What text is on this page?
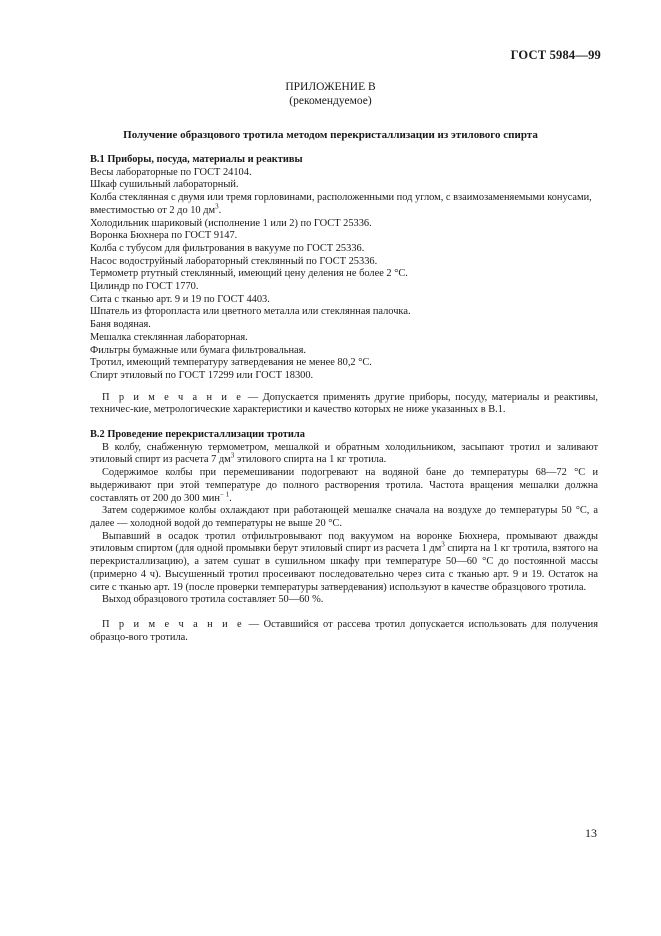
ГОСТ 5984—99
ПРИЛОЖЕНИЕ В
(рекомендуемое)
Получение образцового тротила методом перекристаллизации из этилового спирта

В.1 Приборы, посуда, материалы и реактивы

Весы лабораторные по ГОСТ 24104.

Шкаф сушильный лабораторный.

Колба стеклянная с двумя или тремя горловинами, расположенными под углом, с взаимозаменяемыми конусами, вместимостью от 2 до 10 $дм^3$.

Холодильник шариковый (исполнение 1 или 2) по ГОСТ 25336.

Воронка Бюхнера по ГОСТ 9147.

Колба с тубусом для фильтрования в вакууме по ГОСТ 25336.

Насос водоструйный лабораторный стеклянный по ГОСТ 25336.

Термометр ртутный стеклянный, имеющий цену деления не более 2 °С.

Цилиндр по ГОСТ 1770.

Сита с тканью арт. 9 и 19 по ГОСТ 4403.

Шпатель из фторопласта или цветного металла или стеклянная палочка.

Баня водяная.

Мешалка стеклянная лабораторная.

Фильтры бумажные или бумага фильтровальная.

Тротил, имеющий температуру затвердевания не менее 80,2 °С.

Спирт этиловый по ГОСТ 17299 или ГОСТ 18300.

П р и м е ч а н и е — Допускается применять другие приборы, посуду, материалы и реактивы, техничес-кие, метрологические характеристики и качество которых не ниже указанных в В.1.

В.2 Проведение перекристаллизации тротила

В колбу, снабженную термометром, мешалкой и обратным холодильником, засыпают тротил и заливают этиловый спирт из расчета 7 $дм^3$ этилового спирта на 1 кг тротила.

Содержимое колбы при перемешивании подогревают на водяной бане до температуры 68—72 °С и выдерживают при этой температуре до полного растворения тротила. Частота вращения мешалки должна составлять от 200 до 300 мин$^{- 1}$.

Затем содержимое колбы охлаждают при работающей мешалке сначала на воздухе до температуры 50 °С, а далее — холодной водой до температуры не выше 20 °С.

Выпавший в осадок тротил отфильтровывают под вакуумом на воронке Бюхнера, промывают дважды этиловым спиртом (для одной промывки берут этиловый спирт из расчета 1 $дм^3$ спирта на 1 кг тротила, взятого на перекристаллизацию), а затем сушат в сушильном шкафу при температуре 50—60 °С до постоянной массы (примерно 4 ч). Высушенный тротил просеивают последовательно через сита с тканью арт. 9 и 19. Остаток на сите с тканью арт. 19 (после проверки температуры затвердевания) используют в качестве образцового тротила.

Выход образцового тротила составляет 50—60 %.

П р и м е ч а н и е — Оставшийся от рассева тротил допускается использовать для получения образцо-вого тротила.

13
